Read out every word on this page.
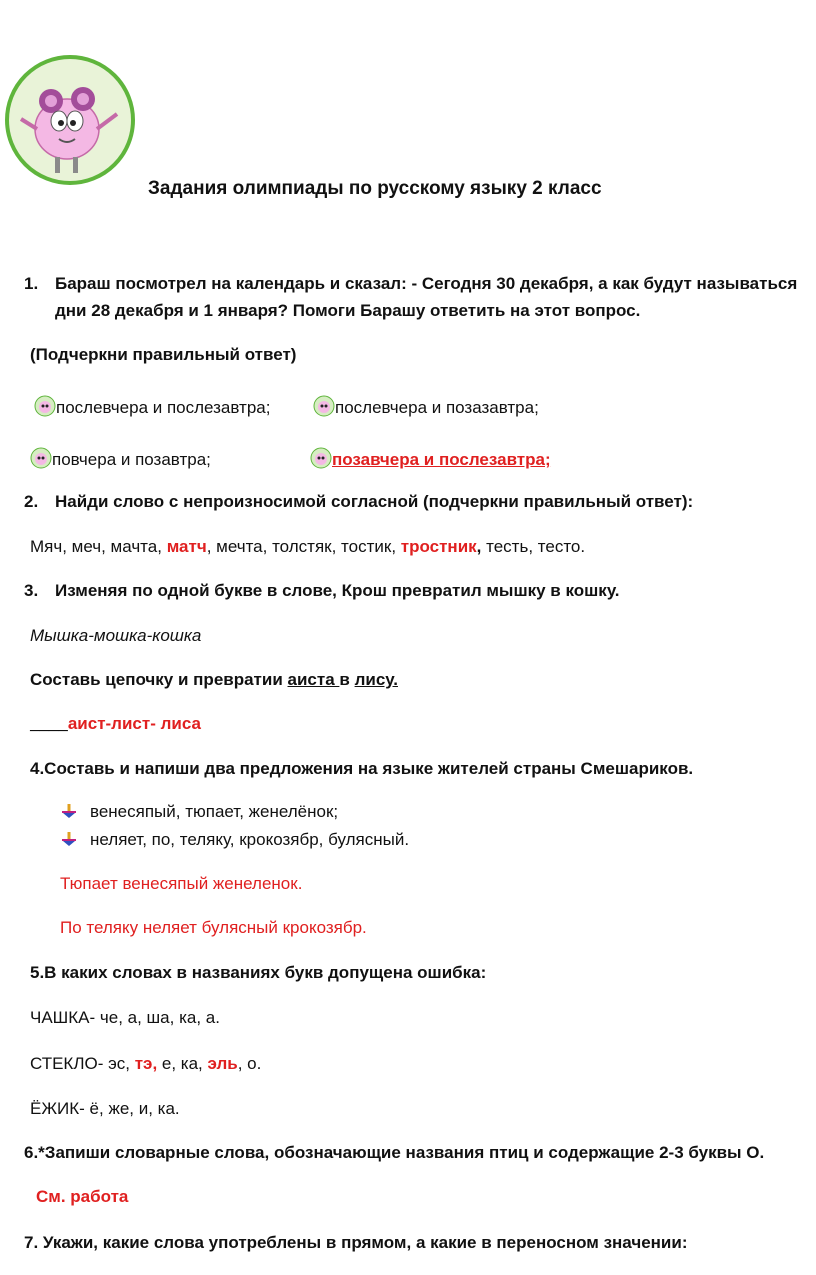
Задания олимпиады по русскому языку 2 класс
1. Бараш посмотрел на календарь и сказал: - Сегодня 30 декабря, а как будут называться
дни 28 декабря и 1 января? Помоги Барашу ответить на этот вопрос.
(Подчеркни правильный ответ)
послевчера и послезавтра;	послевчера и позазавтра;
повчера и позавтра;	позавчера и послезавтра;
2. Найди слово с непроизносимой согласной (подчеркни правильный ответ):
Мяч, меч, мачта, матч, мечта, толстяк, тостик, тростник, тесть, тесто.
3. Изменяя по одной букве в слове, Крош превратил мышку в кошку.
Мышка-мошка-кошка
Составь цепочку и превратии аиста в лису.
____аист-лист- лиса
4.Составь и напиши два предложения на языке жителей страны Смешариков.
венесяпый, тюпает, женелёнок;
неляет, по, теляку, крокозябр, булясный.
Тюпает венесяпый женеленок.
По теляку неляет булясный крокозябр.
5.В каких словах в названиях букв допущена ошибка:
ЧАШКА- че, а, ша, ка, а.
СТЕКЛО- эс, тэ, е, ка, эль, о.
ЁЖИК- ё, же, и, ка.
6.*Запиши словарные слова, обозначающие названия птиц и содержащие 2-3 буквы О.
См. работа
7. Укажи, какие слова употреблены в прямом, а какие в переносном значении:
